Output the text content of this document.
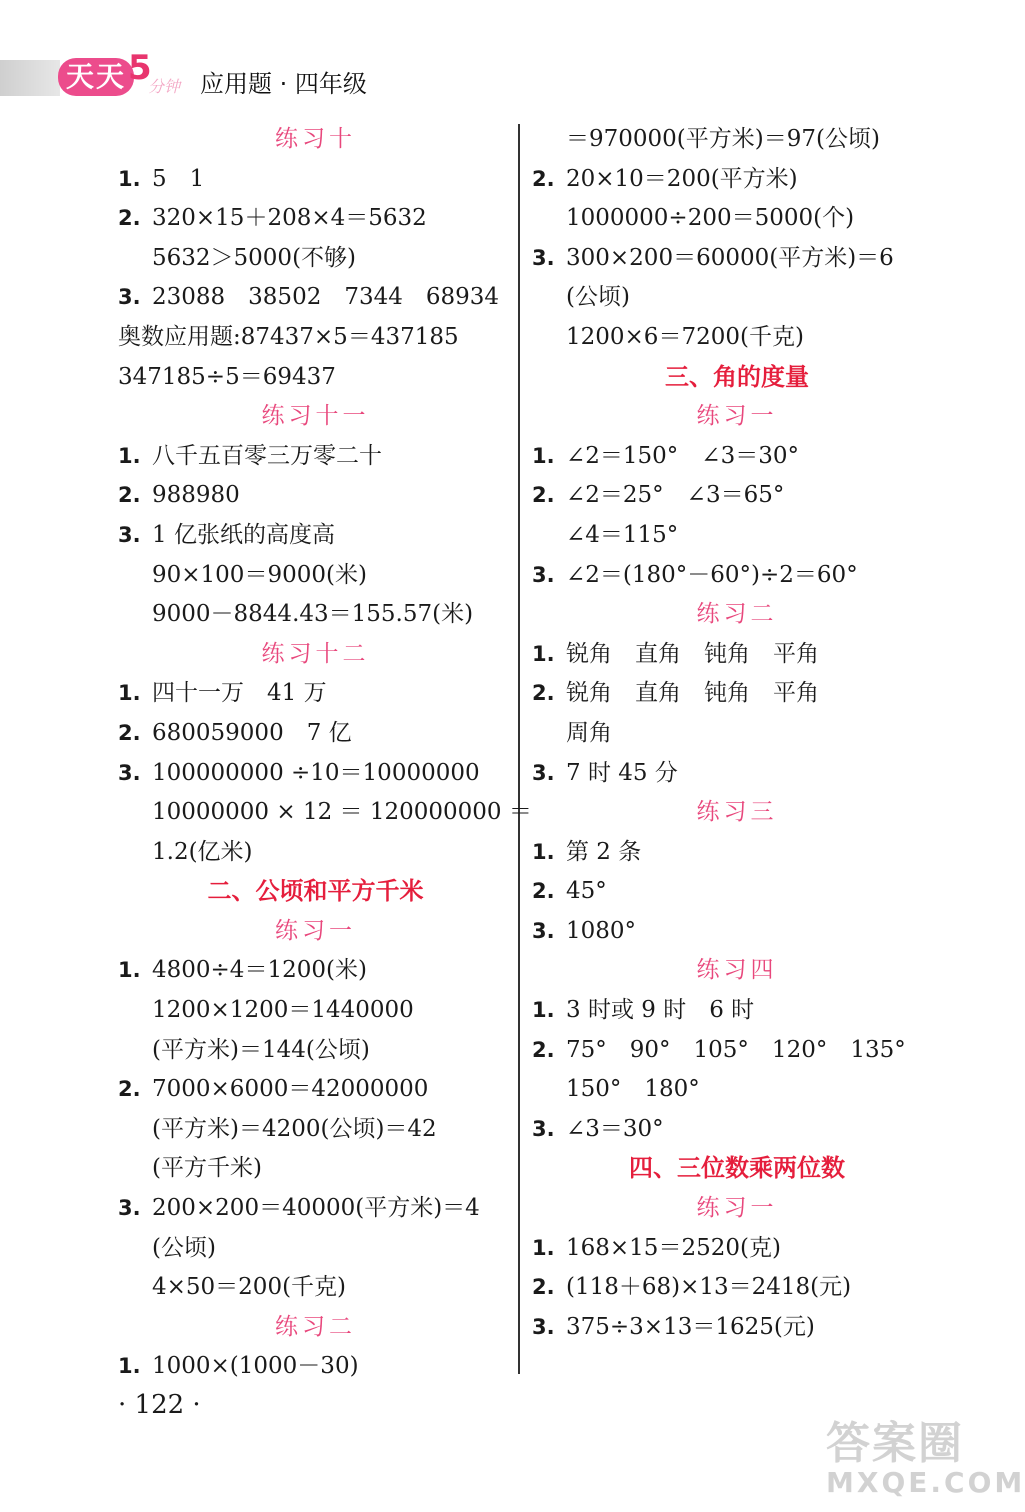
天天 5
分钟 应用题 · 四年级
练习十
1. 5　1
2. 320×15＋208×4＝5632
5632＞5000(不够)
3. 23088　38502　7344　68934
奥数应用题:87437×5＝437185
347185÷5＝69437
练习十一
1. 八千五百零三万零二十
2. 988980
3. 1 亿张纸的高度高
90×100＝9000(米)
9000－8844.43＝155.57(米)
练习十二
1. 四十一万　41 万
2. 680059000　7 亿
3. 100000000 ÷10＝10000000
10000000 × 12 ＝ 120000000 ＝
1.2(亿米)
二、公顷和平方千米
练习一
1. 4800÷4＝1200(米)
1200×1200＝1440000
(平方米)＝144(公顷)
2. 7000×6000＝42000000
(平方米)＝4200(公顷)＝42
(平方千米)
3. 200×200＝40000(平方米)＝4
(公顷)
4×50＝200(千克)
练习二
1. 1000×(1000－30)
＝970000(平方米)＝97(公顷)
2. 20×10＝200(平方米)
1000000÷200＝5000(个)
3. 300×200＝60000(平方米)＝6
(公顷)
1200×6＝7200(千克)
三、角的度量
练习一
1. ∠2＝150°　∠3＝30°
2. ∠2＝25°　∠3＝65°
∠4＝115°
3. ∠2＝(180°－60°)÷2＝60°
练习二
1. 锐角　直角　钝角　平角
2. 锐角　直角　钝角　平角
周角
3. 7 时 45 分
练习三
1. 第 2 条
2. 45°
3. 1080°
练习四
1. 3 时或 9 时　6 时
2. 75°　90°　105°　120°　135°
150°　180°
3. ∠3＝30°
四、三位数乘两位数
练习一
1. 168×15＝2520(克)
2. (118＋68)×13＝2418(元)
3. 375÷3×13＝1625(元)
· 122 ·
答案圈
MXQE.COM
